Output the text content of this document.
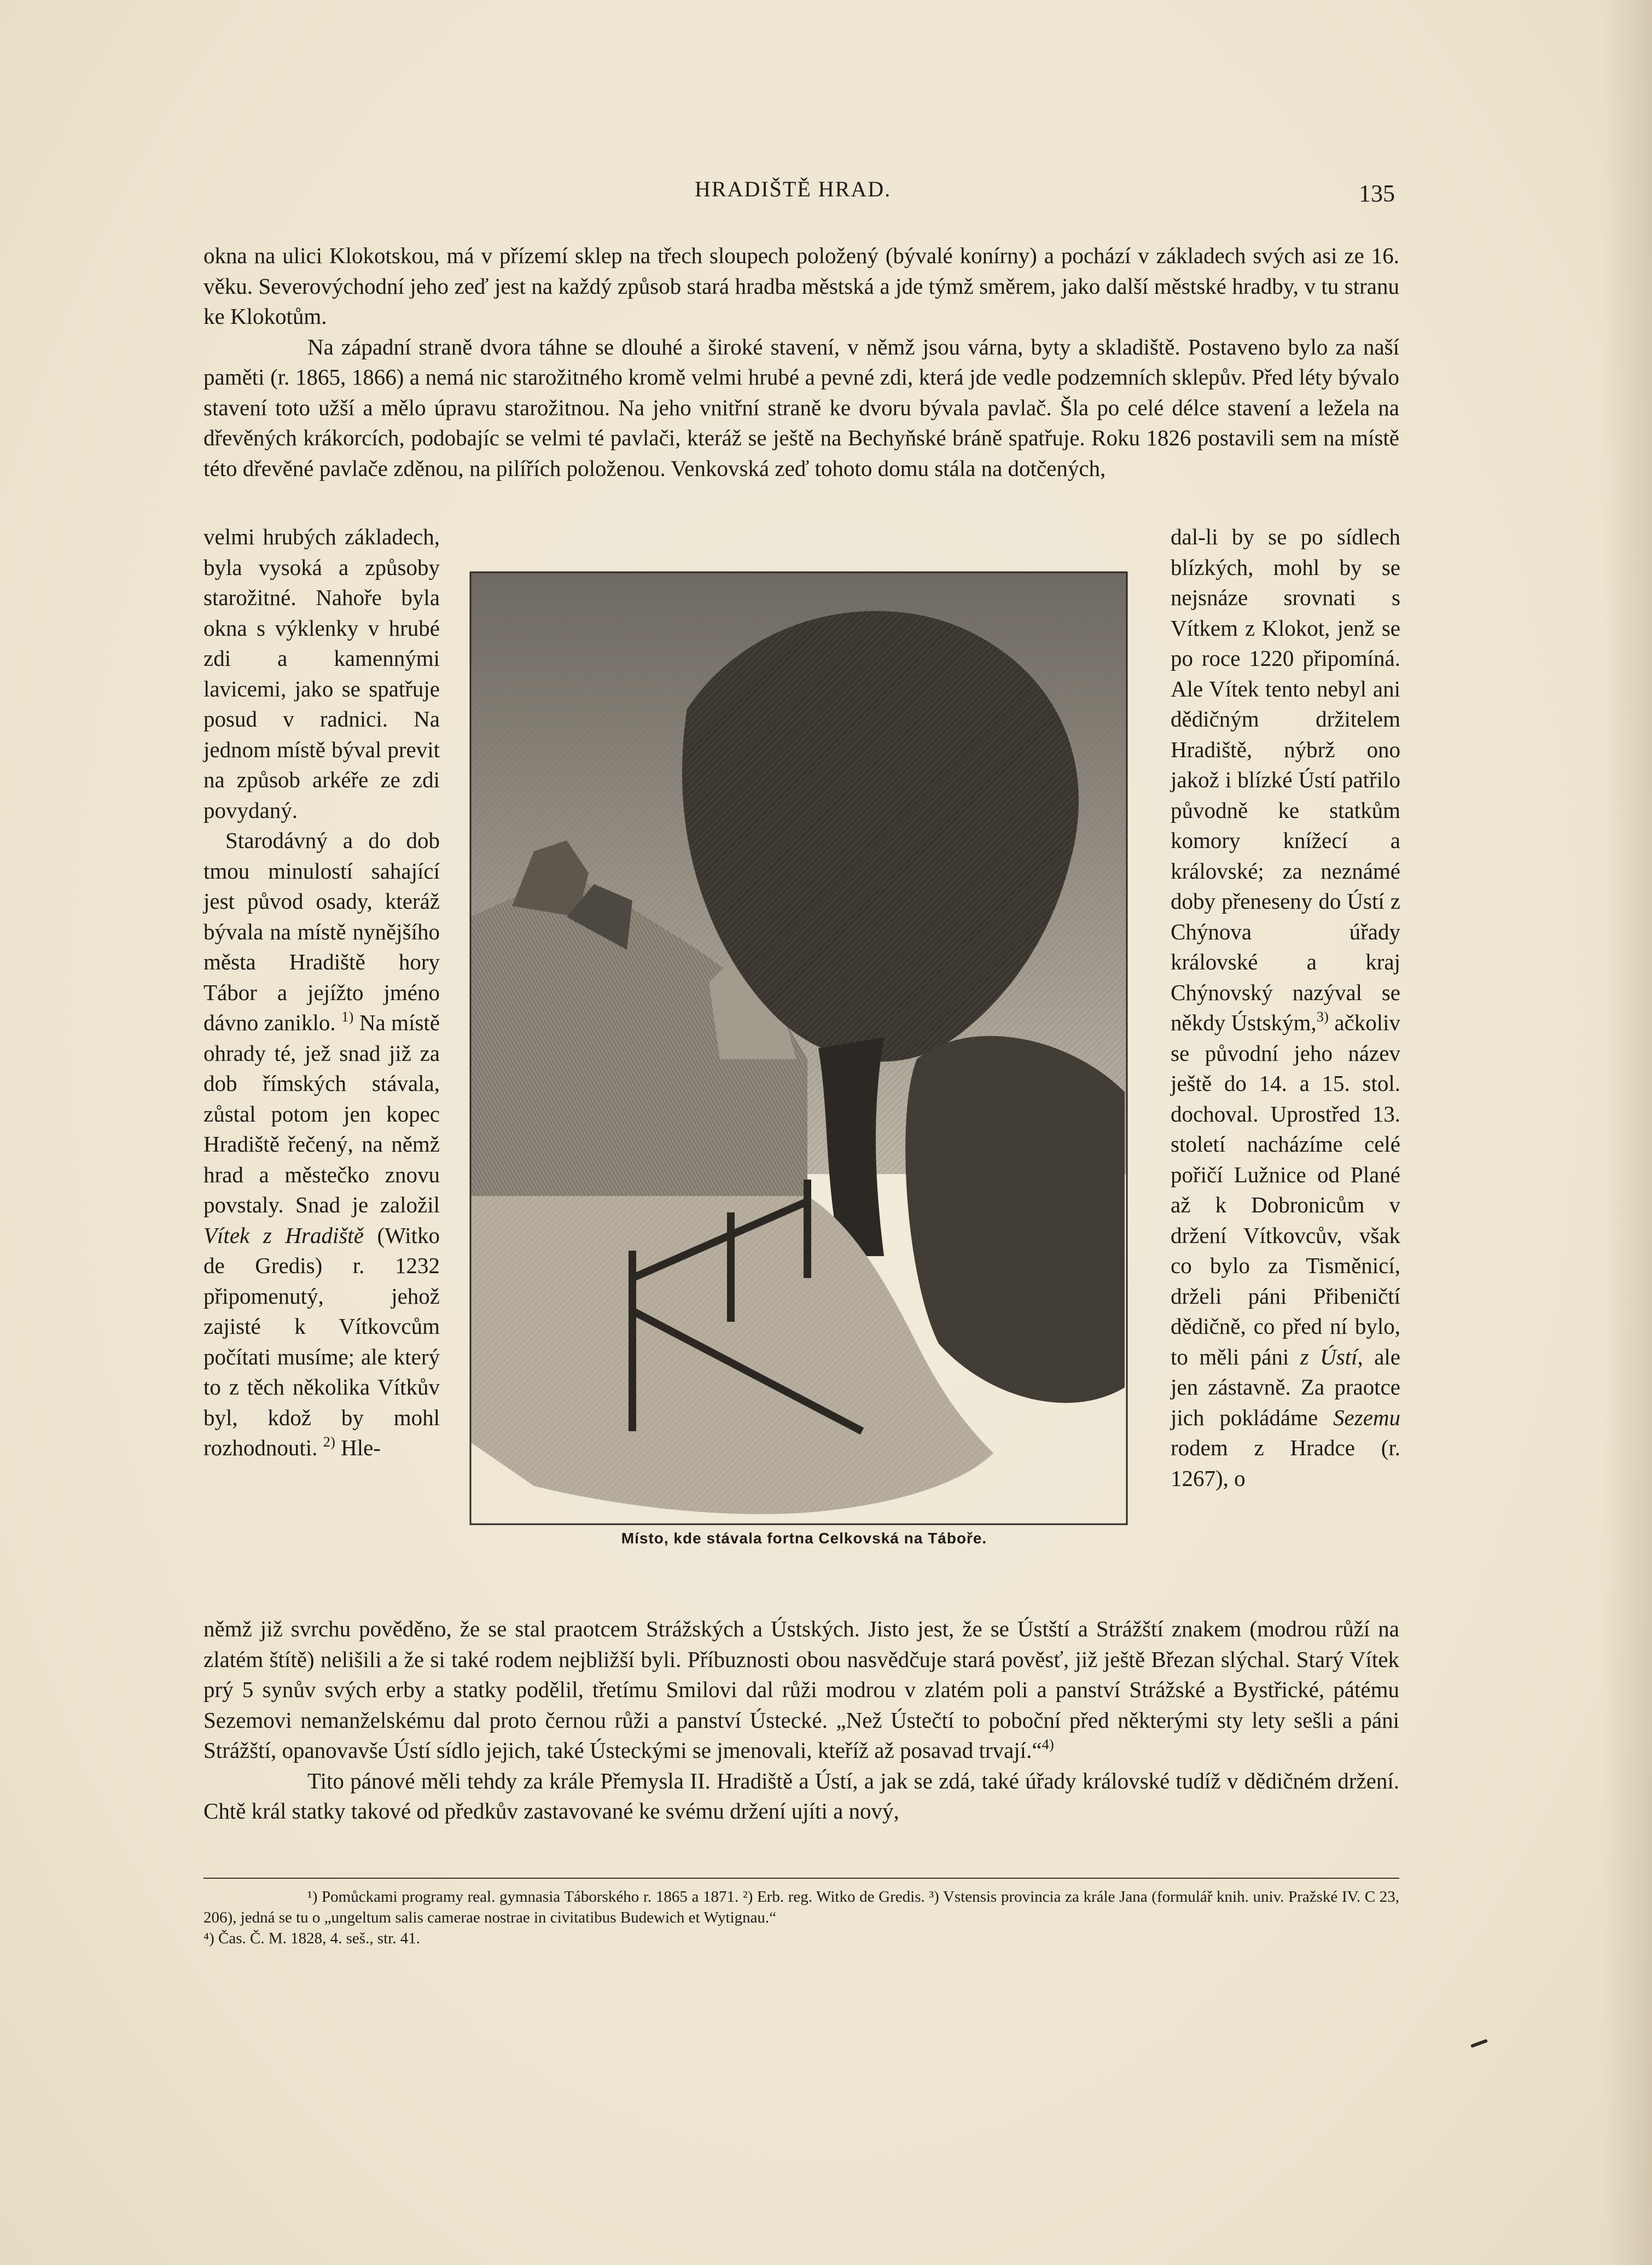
HRADIŠTĚ HRAD.	135

okna na ulici Klokotskou, má v přízemí sklep na třech sloupech položený (bývalé konírny) a pochází v základech svých asi ze 16. věku. Severovýchodní jeho zeď jest na každý způsob stará hradba městská a jde týmž směrem, jako další městské hradby, v tu stranu ke Klokotům.

Na západní straně dvora táhne se dlouhé a široké stavení, v němž jsou várna, byty a skladiště. Postaveno bylo za naší paměti (r. 1865, 1866) a nemá nic starožitného kromě velmi hrubé a pevné zdi, která jde vedle podzemních sklepův. Před léty bývalo stavení toto užší a mělo úpravu starožitnou. Na jeho vnitřní straně ke dvoru bývala pavlač. Šla po celé délce stavení a ležela na dřevěných krákorcích, podobajíc se velmi té pavlači, kteráž se ještě na Bechyňské bráně spatřuje. Roku 1826 postavili sem na místě této dřevěné pavlače zděnou, na pilířích položenou. Venkovská zeď tohoto domu stála na dotčených,

velmi hrubých základech, byla vysoká a způsoby starožitné. Nahoře byla okna s výklenky v hrubé zdi a kamennými lavicemi, jako se spatřuje posud v radnici. Na jednom místě býval previt na způsob arkéře ze zdi povydaný.

Starodávný a do dob tmou minulostí sahající jest původ osady, kteráž bývala na místě nynějšího města Hradiště hory Tábor a jejížto jméno dávno zaniklo. $^{1)}$ Na místě ohrady té, jež snad již za dob římských stávala, zůstal potom jen kopec Hradiště řečený, na němž hrad a městečko znovu povstaly. Snad je založil Vítek z Hradiště (Witko de Gredis) r. 1232 připomenutý, jehož zajisté k Vítkovcům počítati musíme; ale který to z těch několika Vítkův byl, kdož by mohl rozhodnouti. $^{2)}$ Hle-

Místo, kde stávala fortna Celkovská na Táboře.

dal-li by se po sídlech blízkých, mohl by se nejsnáze srovnati s Vítkem z Klokot, jenž se po roce 1220 připomíná. Ale Vítek tento nebyl ani dědičným držitelem Hradiště, nýbrž ono jakož i blízké Ústí patřilo původně ke statkům komory knížecí a královské; za neznámé doby přenesenу do Ústí z Chýnova úřady královské a kraj Chýnovský nazýval se někdy Ústským,$^{3)}$ ačkoliv se původní jeho název ještě do 14. a 15. stol. dochoval. Uprostřed 13. století nacházíme celé pořičí Lužnice od Plané až k Dobronicům v držení Vítkovcův, však co bylo za Tisměnicí, drželi páni Přibeničtí dědičně, co před ní bylo, to měli páni z Ústí, ale jen zástavně. Za praotce jich pokládáme Sezemu rodem z Hradce (r. 1267), o

němž již svrchu pověděno, že se stal praotcem Strážských a Ústských. Jisto jest, že se Ústští a Strážští znakem (modrou růží na zlatém štítě) nelišili a že si také rodem nejbližší byli. Příbuznosti obou nasvědčuje stará pověsť, již ještě Březan slýchal. Starý Vítek prý 5 synův svých erby a statky podělil, třetímu Smilovi dal růži modrou v zlatém poli a panství Strážské a Bystřické, pátému Sezemovi nemanželskému dal proto černou růži a panství Ústecké. „Než Ústečtí to poboční před některými sty lety sešli a páni Strážští, opanovavše Ústí sídlo jejich, také Ústeckými se jmenovali, kteříž až posavad trvají.“$^{4)}$

Tito pánové měli tehdy za krále Přemysla II. Hradiště a Ústí, a jak se zdá, také úřady královské tudíž v dědičném držení. Chtě král statky takové od předkův zastavované ke svému držení ujíti a nový,

¹) Pomůckami programy real. gymnasia Táborského r. 1865 a 1871. ²) Erb. reg. Witko de Gredis. ³) Vstensis provincia za krále Jana (formulář knih. univ. Pražské IV. C 23, 206), jedná se tu o „ungeltum salis camerae nostrae in civitatibus Budewich et Wytignau.“

⁴) Čas. Č. M. 1828, 4. seš., str. 41.
